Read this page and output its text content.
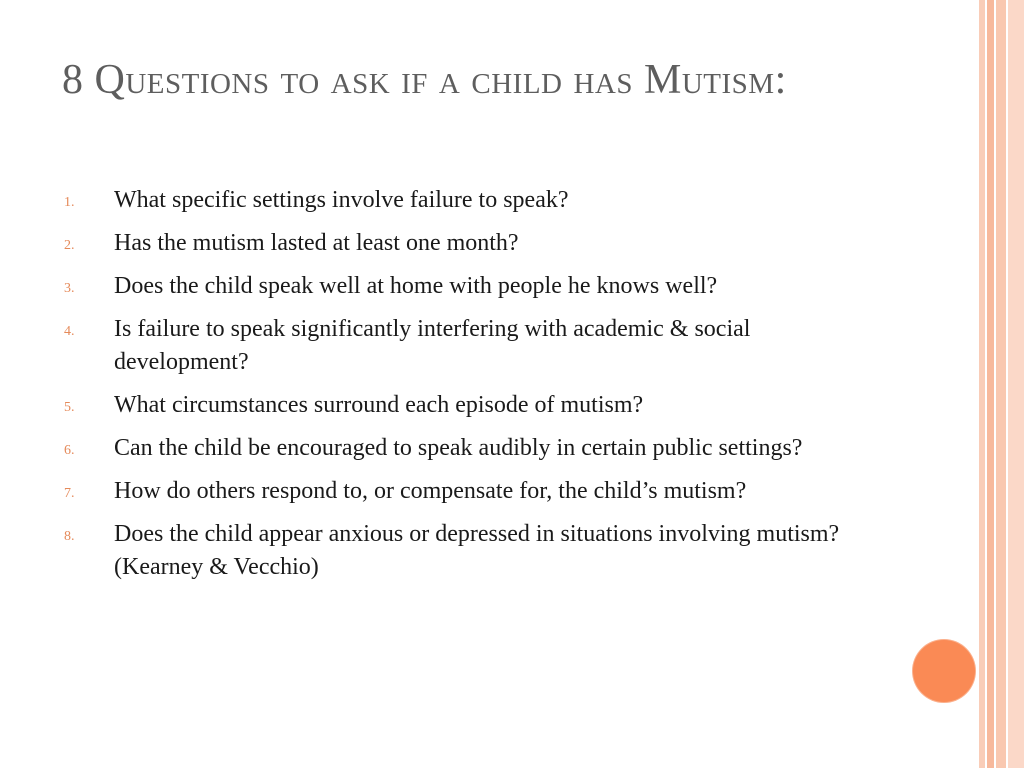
8 Questions to ask if a child has Mutism:
1. What specific settings involve failure to speak?
2. Has the mutism lasted at least one month?
3. Does the child speak well at home with people he knows well?
4. Is failure to speak significantly interfering with academic & social development?
5. What circumstances surround each episode of mutism?
6. Can the child be encouraged to speak audibly in certain public settings?
7. How do others respond to, or compensate for, the child’s mutism?
8. Does the child appear anxious or depressed in situations involving mutism? (Kearney & Vecchio)
